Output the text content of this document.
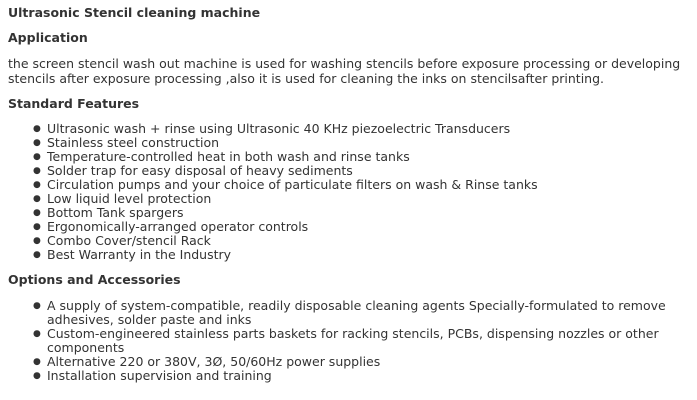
Ultrasonic Stencil cleaning machine
Application

the screen stencil wash out machine is used for washing stencils before exposure processing or developing stencils after exposure processing ,also it is used for cleaning the inks on stencilsafter printing.

Standard Features
● Ultrasonic wash + rinse using Ultrasonic 40 KHz piezoelectric Transducers
● Stainless steel construction
● Temperature-controlled heat in both wash and rinse tanks
● Solder trap for easy disposal of heavy sediments
● Circulation pumps and your choice of particulate filters on wash & Rinse tanks
● Low liquid level protection
● Bottom Tank spargers
● Ergonomically-arranged operator controls
● Combo Cover/stencil Rack
● Best Warranty in the Industry
Options and Accessories
● A supply of system-compatible, readily disposable cleaning agents Specially-formulated to remove adhesives, solder paste and inks
● Custom-engineered stainless parts baskets for racking stencils, PCBs, dispensing nozzles or other components
● Alternative 220 or 380V, 3Ø, 50/60Hz power supplies
● Installation supervision and training
